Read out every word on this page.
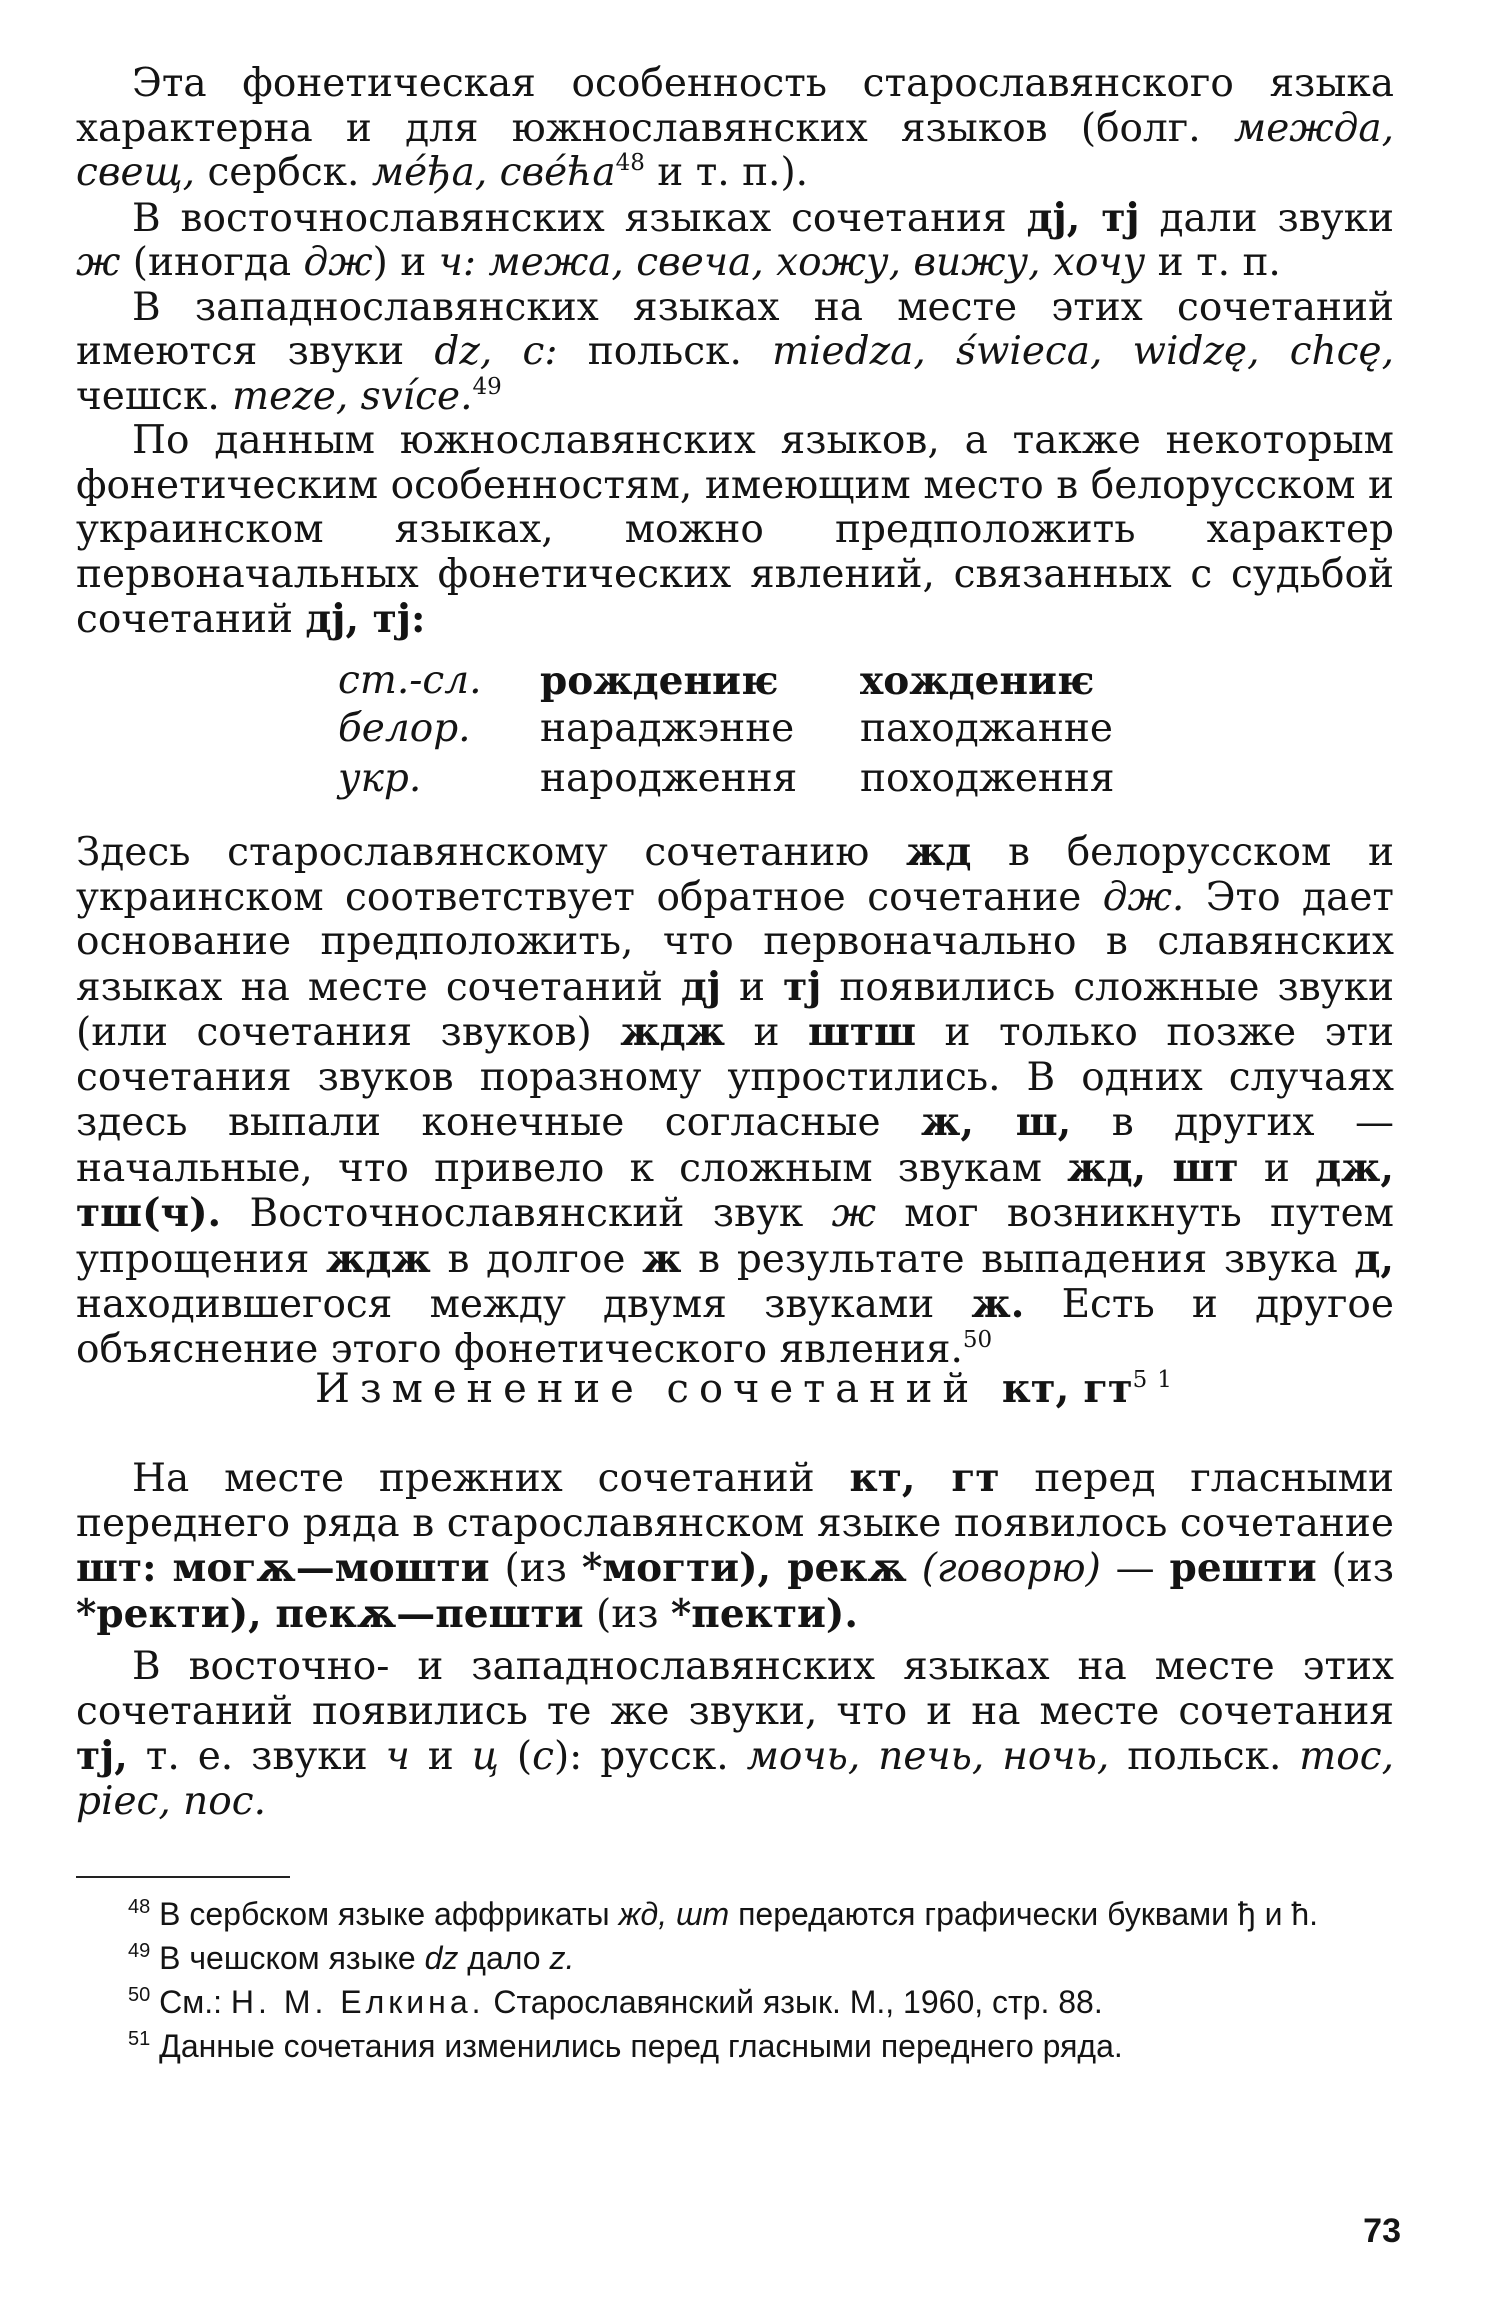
Эта фонетическая особенность старославянского языка характерна и для южнославянских языков (болг. междa, свещ, сербск. мéђа, свéћа$^{48}$ и т. п.).

В восточнославянских языках сочетания дј, тј дали звуки ж (иногда дж) и ч: межа, свеча, хожу, вижу, хочу и т. п.

В западнославянских языках на месте этих сочетаний имеются звуки dz, c: польск. miedza, świeca, widzę, chcę, чешск. meze, svíce.$^{49}$

По данным южнославянских языков, а также некоторым фонетическим особенностям, имеющим место в белорусском и украинском языках, можно предположить характер первоначальных фонетических явлений, связанных с судьбой сочетаний дј, тј:

ст.-сл. рождениѥ хождениѥ
белор. нараджэнне паходжанне
укр.	народження походження

Здесь старославянскому сочетанию жд в белорусском и украинском соответствует обратное сочетание дж. Это дает основание предположить, что первоначально в славянских языках на месте сочетаний дј и тј появились сложные звуки (или сочетания звуков) ждж и штш и только позже эти сочетания звуков поразному упростились. В одних случаях здесь выпали конечные согласные ж, ш, в других — начальные, что привело к сложным звукам жд, шт и дж, тш(ч). Восточнославянский звук ж мог возникнуть путем упрощения ждж в долгое ж в результате выпадения звука д, находившегося между двумя звуками ж. Есть и другое объяснение этого фонетического явления.$^{50}$

Изменение сочетаний кт, $гт^{51}$

На месте прежних сочетаний кт, гт перед гласными переднего ряда в старославянском языке появилось сочетание шт: могѫ—мошти (из *могти), рекѫ (говорю) — решти (из *ректи), пекѫ—пешти (из *пекти).

В восточно- и западнославянских языках на месте этих сочетаний появились те же звуки, что и на месте сочетания тј, т. е. звуки ч и ц (c): русск. мочь, печь, ночь, польск. moc, piec, noc.

$^{48}$ В сербском языке аффрикаты жд, шт передаются графически буквами ђ и ћ.

$^{49}$ В чешском языке dz дало z.

$^{50}$ См.: Н. М. Елкина. Старославянский язык. М., 1960, стр. 88.

$^{51}$ Данные сочетания изменились перед гласными переднего ряда.

73
